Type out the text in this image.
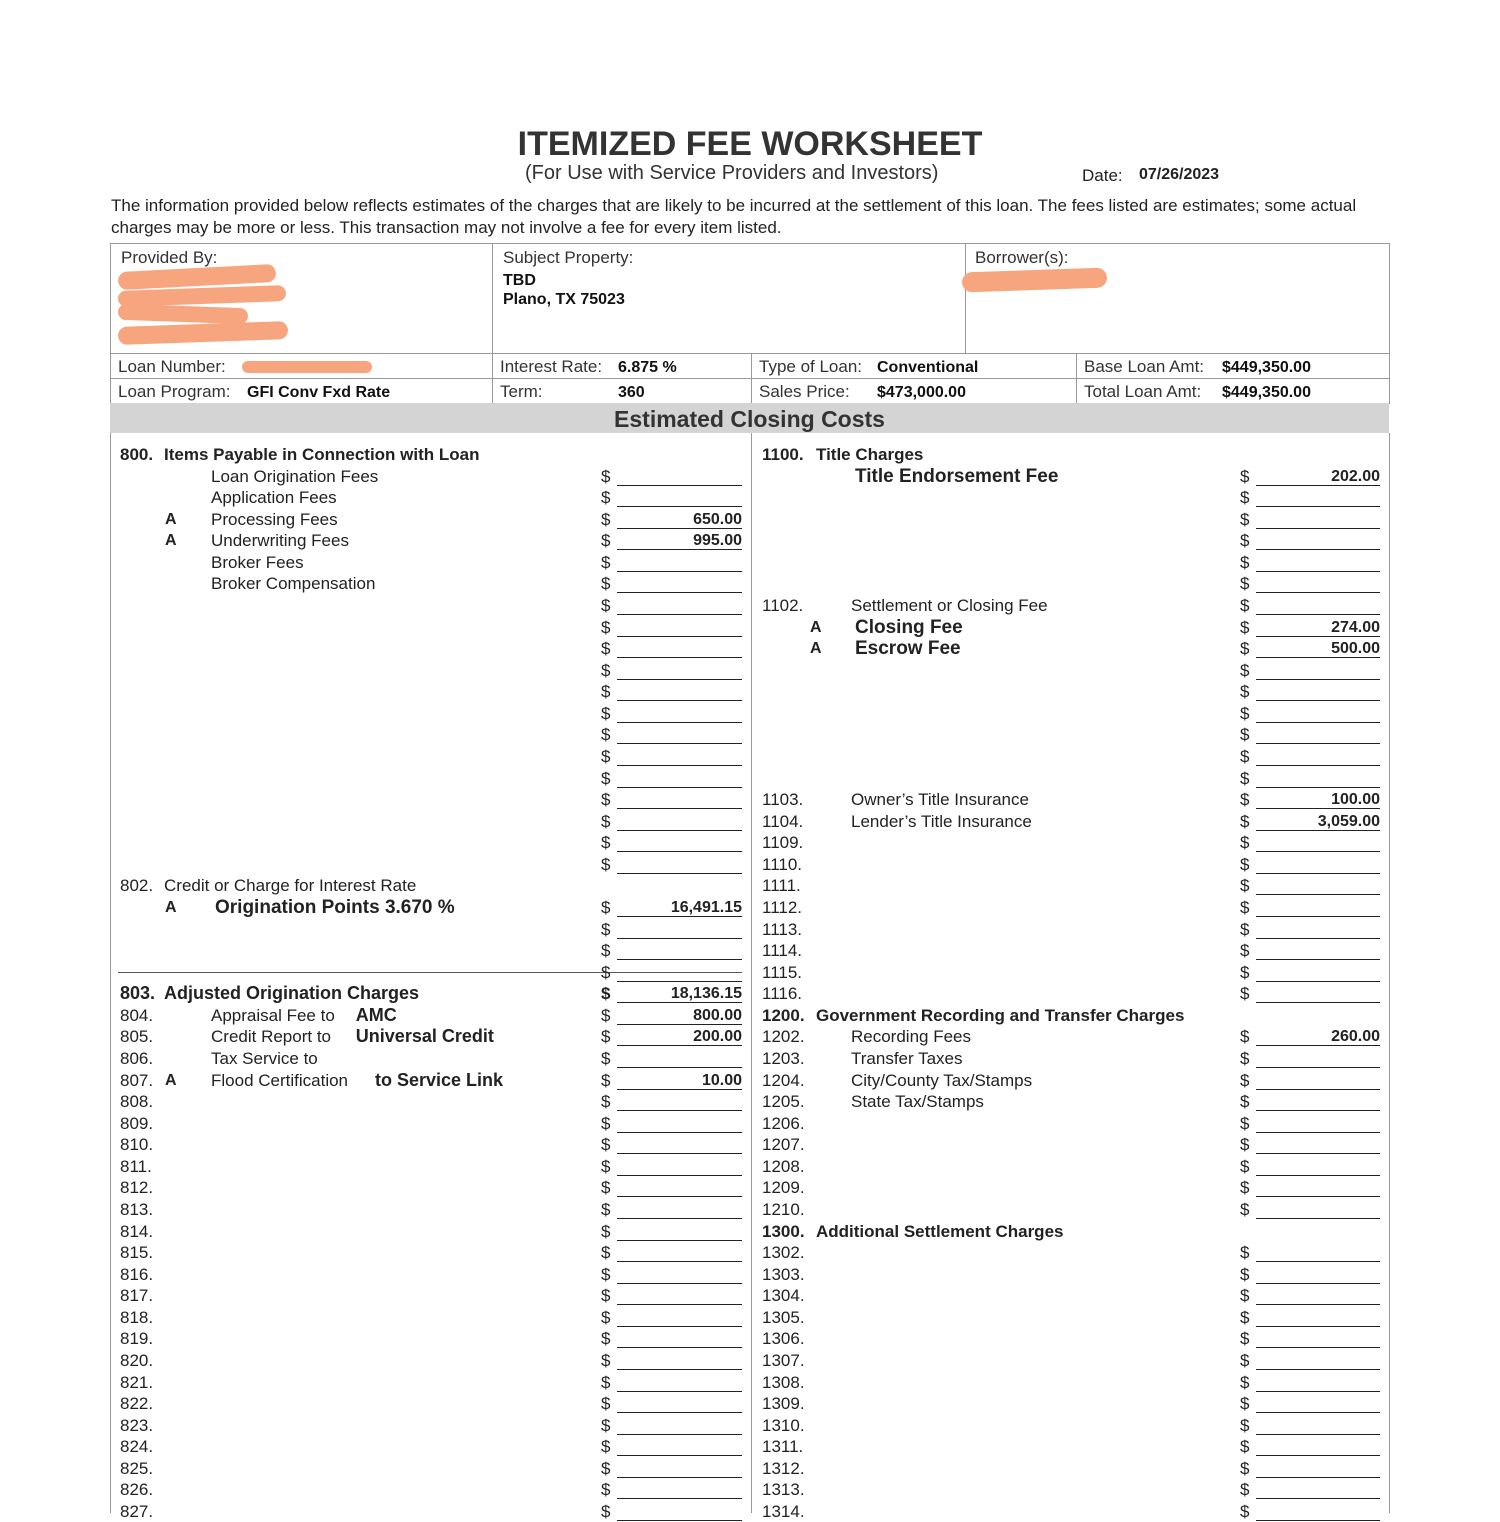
ITEMIZED FEE WORKSHEET
(For Use with Service Providers and Investors)	Date: 07/26/2023
The information provided below reflects estimates of the charges that are likely to be incurred at the settlement of this loan. The fees listed are estimates; some actual charges may be more or less. This transaction may not involve a fee for every item listed.
Provided By:	Subject Property:
TBD
Plano, TX 75023
Borrower(s):
Loan Number:	Interest Rate: 6.875 %	Type of Loan: Conventional	Base Loan Amt: $449,350.00
Loan Program: GFI Conv Fxd Rate	Term:	360	Sales Price: $473,000.00	Total Loan Amt: $449,350.00
Estimated Closing Costs
800. Items Payable in Connection with Loan
Loan Origination Fees	$
Application Fees	$
A Processing Fees	$	650.00
A Underwriting Fees	$	995.00
Broker Fees	$
Broker Compensation	$
$
$
$
$
$
$
$
$
$
$
$
$
$
802. Credit or Charge for Interest Rate
A Origination Points 3.670 %	$	16,491.15
$
$
$
803. Adjusted Origination Charges	$	18,136.15
804.	Appraisal Fee to AMC	$	800.00
805.	Credit Report to Universal Credit	$	200.00
806.	Tax Service to	$
807. A Flood Certification to Service Link	$	10.00
808.	$
809.	$
810.	$
811.	$
812.	$
813.	$
814.	$
815.	$
816.	$
817.	$
818.	$
819.	$
820.	$
821.	$
822.	$
823.	$
824.	$
825.	$
826.	$
827.	$
1100. Title Charges
Title Endorsement Fee	$	202.00
$
$
$
$
$
1102.	Settlement or Closing Fee	$
A Closing Fee	$	274.00
A Escrow Fee	$	500.00
$
$
$
$
$
$
1103.	Owner’s Title Insurance	$	100.00
1104.	Lender’s Title Insurance	$	3,059.00
1109.	$
1110.	$
1111.	$
1112.	$
1113.	$
1114.	$
1115.	$
1116.	$
1200. Government Recording and Transfer Charges
1202.	Recording Fees	$	260.00
1203.	Transfer Taxes	$
1204.	City/County Tax/Stamps	$
1205.	State Tax/Stamps	$
1206.	$
1207.	$
1208.	$
1209.	$
1210.	$
1300. Additional Settlement Charges
1302.	$
1303.	$
1304.	$
1305.	$
1306.	$
1307.	$
1308.	$
1309.	$
1310.	$
1311.	$
1312.	$
1313.	$
1314.	$
